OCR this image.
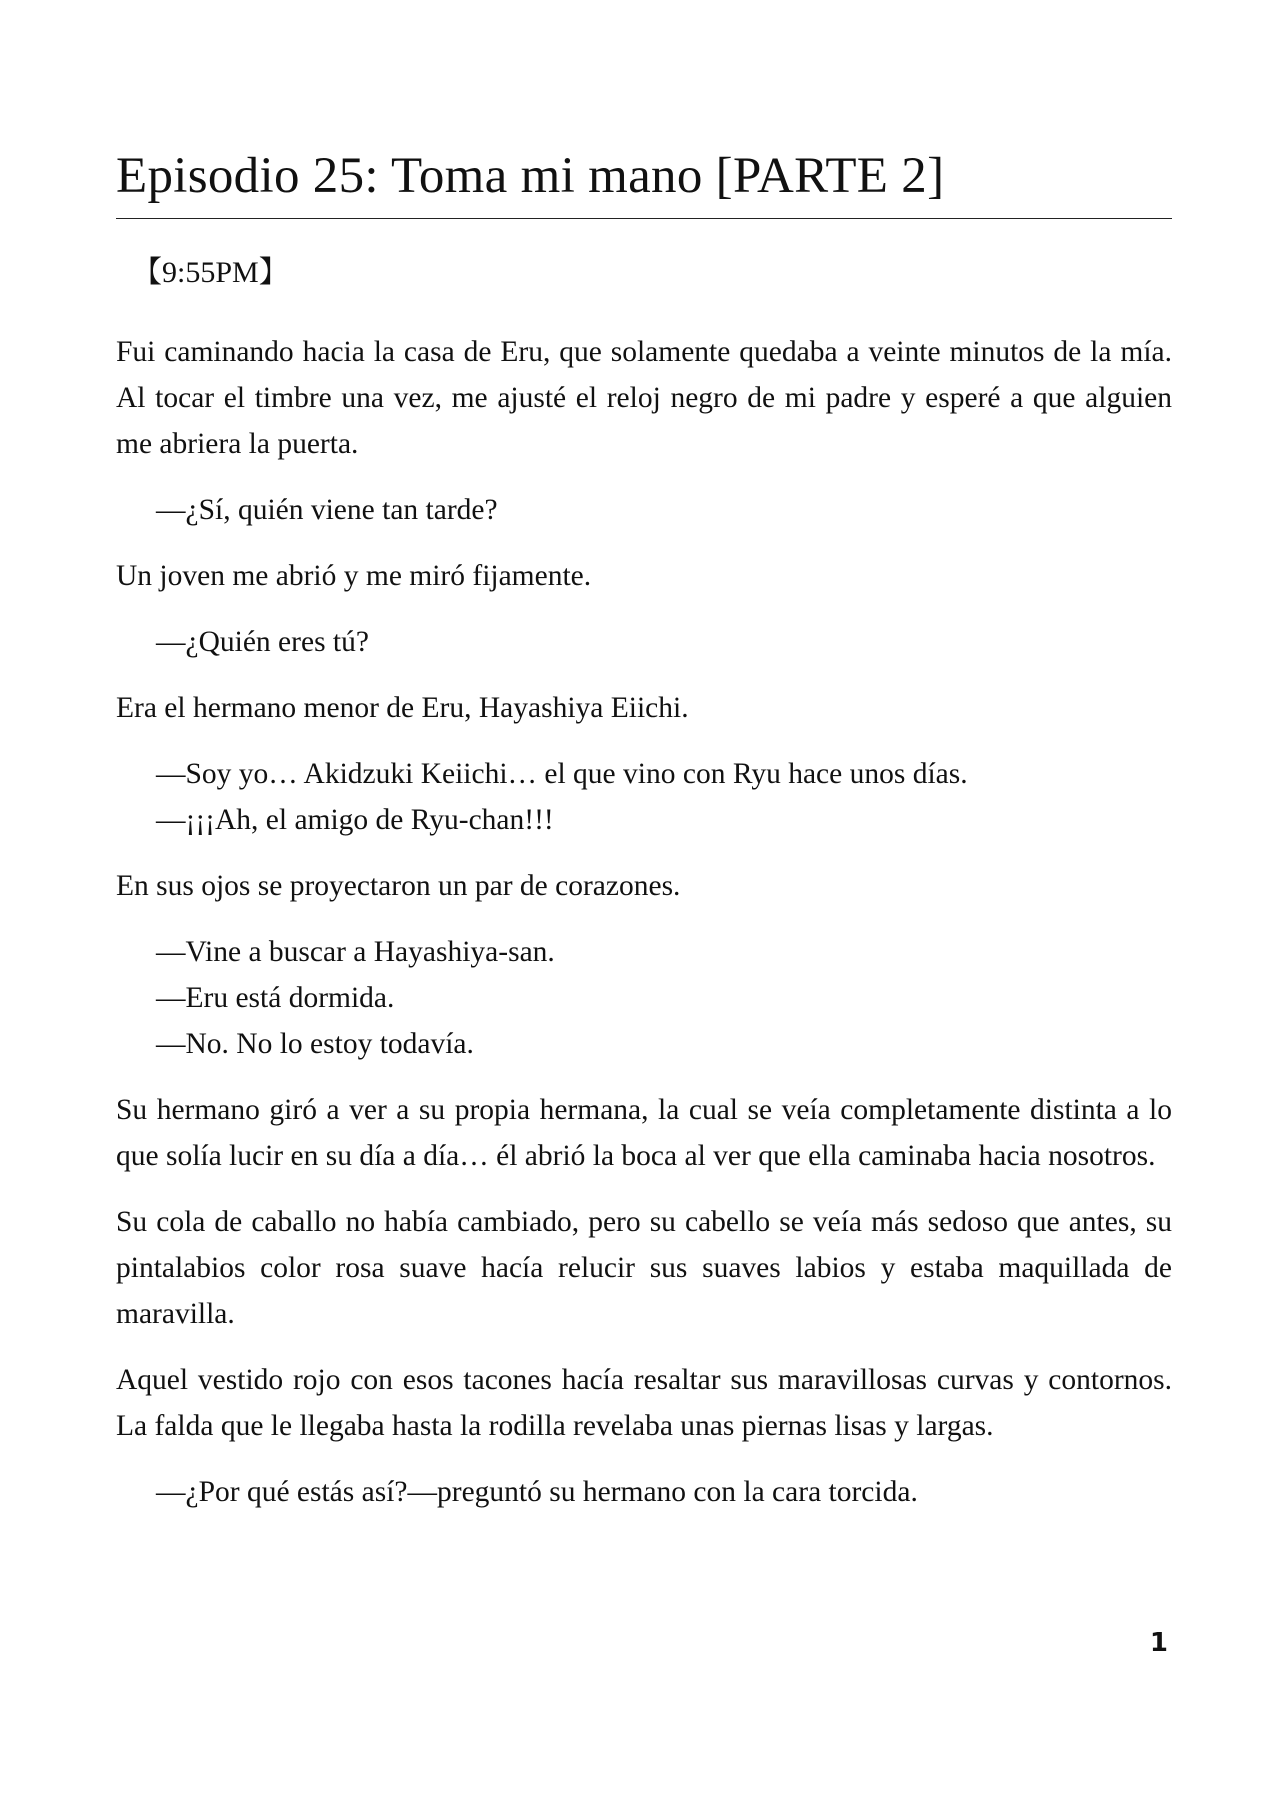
Episodio 25: Toma mi mano [PARTE 2]
【9:55PM】

Fui caminando hacia la casa de Eru, que solamente quedaba a veinte minutos de la mía. Al tocar el timbre una vez, me ajusté el reloj negro de mi padre y esperé a que alguien me abriera la puerta.

—¿Sí, quién viene tan tarde?

Un joven me abrió y me miró fijamente.

—¿Quién eres tú?

Era el hermano menor de Eru, Hayashiya Eiichi.

—Soy yo… Akidzuki Keiichi… el que vino con Ryu hace unos días.

—¡¡¡Ah, el amigo de Ryu-chan!!!

En sus ojos se proyectaron un par de corazones.

—Vine a buscar a Hayashiya-san.

—Eru está dormida.

—No. No lo estoy todavía.

Su hermano giró a ver a su propia hermana, la cual se veía completamente distinta a lo que solía lucir en su día a día… él abrió la boca al ver que ella caminaba hacia nosotros.

Su cola de caballo no había cambiado, pero su cabello se veía más sedoso que antes, su pintalabios color rosa suave hacía relucir sus suaves labios y estaba maquillada de maravilla.

Aquel vestido rojo con esos tacones hacía resaltar sus maravillosas curvas y contornos. La falda que le llegaba hasta la rodilla revelaba unas piernas lisas y largas.

—¿Por qué estás así?—preguntó su hermano con la cara torcida.

1
